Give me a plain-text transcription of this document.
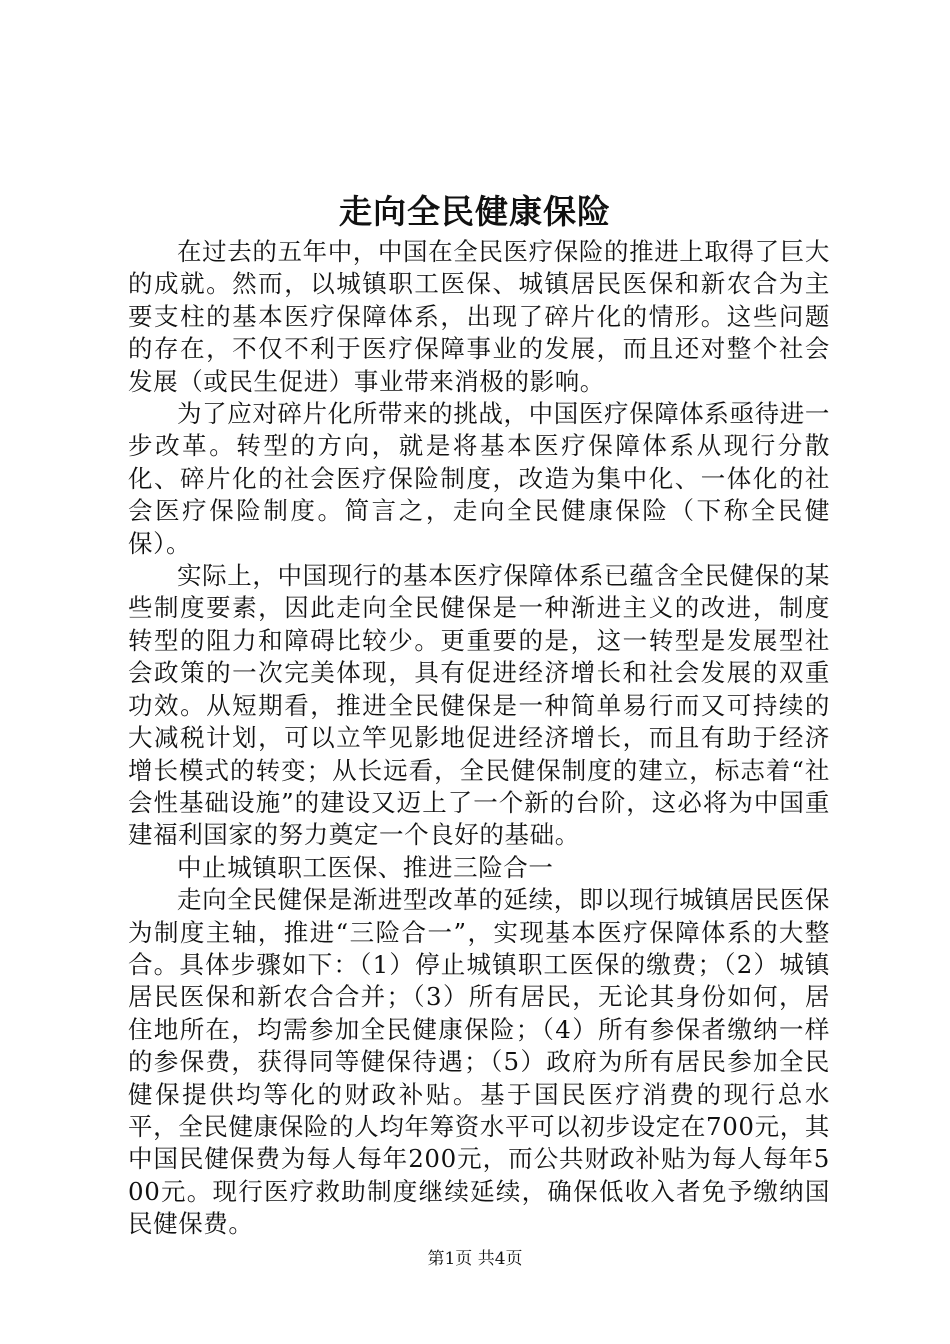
走向全民健康保险

在过去的五年中，中国在全民医疗保险的推进上取得了巨大的成就。然而，以城镇职工医保、城镇居民医保和新农合为主要支柱的基本医疗保障体系，出现了碎片化的情形。这些问题的存在，不仅不利于医疗保障事业的发展，而且还对整个社会发展（或民生促进）事业带来消极的影响。

为了应对碎片化所带来的挑战，中国医疗保障体系亟待进一步改革。转型的方向，就是将基本医疗保障体系从现行分散化、碎片化的社会医疗保险制度，改造为集中化、一体化的社会医疗保险制度。简言之，走向全民健康保险（下称全民健保）。

实际上，中国现行的基本医疗保障体系已蕴含全民健保的某些制度要素，因此走向全民健保是一种渐进主义的改进，制度转型的阻力和障碍比较少。更重要的是，这一转型是发展型社会政策的一次完美体现，具有促进经济增长和社会发展的双重功效。从短期看，推进全民健保是一种简单易行而又可持续的大减税计划，可以立竿见影地促进经济增长，而且有助于经济增长模式的转变；从长远看，全民健保制度的建立，标志着“社会性基础设施”的建设又迈上了一个新的台阶，这必将为中国重建福利国家的努力奠定一个良好的基础。

中止城镇职工医保、推进三险合一

走向全民健保是渐进型改革的延续，即以现行城镇居民医保为制度主轴，推进“三险合一”，实现基本医疗保障体系的大整合。具体步骤如下：（1）停止城镇职工医保的缴费；（2）城镇居民医保和新农合合并；（3）所有居民，无论其身份如何，居住地所在，均需参加全民健康保险；（4）所有参保者缴纳一样的参保费，获得同等健保待遇；（5）政府为所有居民参加全民健保提供均等化的财政补贴。基于国民医疗消费的现行总水平，全民健康保险的人均年筹资水平可以初步设定在700元，其中国民健保费为每人每年200元，而公共财政补贴为每人每年500元。现行医疗救助制度继续延续，确保低收入者免予缴纳国民健保费。

第1页 共4页
